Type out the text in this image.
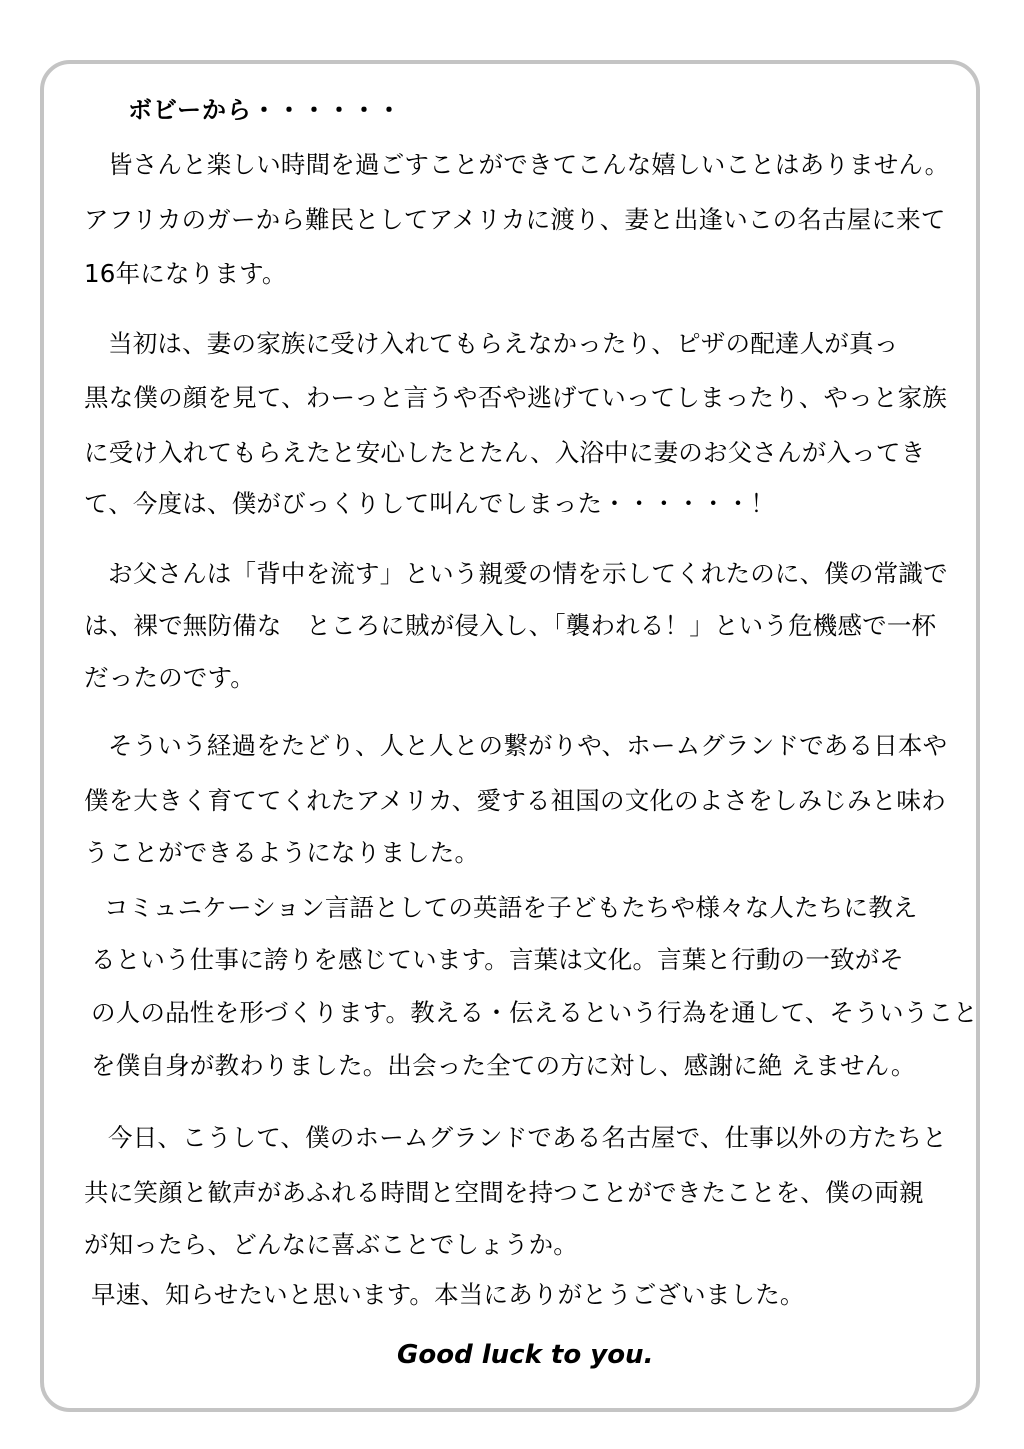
ボビーから・・・・・・
皆さんと楽しい時間を過ごすことができてこんな嬉しいことはありません。
アフリカのガーから難民としてアメリカに渡り、妻と出逢いこの名古屋に来て
16年になります。
当初は、妻の家族に受け入れてもらえなかったり、ピザの配達人が真っ
黒な僕の顔を見て、わーっと言うや否や逃げていってしまったり、やっと家族
に受け入れてもらえたと安心したとたん、入浴中に妻のお父さんが入ってき
て、今度は、僕がびっくりして叫んでしまった・・・・・・！
お父さんは「背中を流す」という親愛の情を示してくれたのに、僕の常識で
は、裸で無防備な　ところに賊が侵入し、「襲われる！」という危機感で一杯
だったのです。
そういう経過をたどり、人と人との繋がりや、ホームグランドである日本や
僕を大きく育ててくれたアメリカ、愛する祖国の文化のよさをしみじみと味わ
うことができるようになりました。
コミュニケーション言語としての英語を子どもたちや様々な人たちに教え
るという仕事に誇りを感じています。言葉は文化。言葉と行動の一致がそ
の人の品性を形づくります。教える・伝えるという行為を通して、そういうこと
を僕自身が教わりました。出会った全ての方に対し、感謝に絶 えません。
今日、こうして、僕のホームグランドである名古屋で、仕事以外の方たちと
共に笑顔と歓声があふれる時間と空間を持つことができたことを、僕の両親
が知ったら、どんなに喜ぶことでしょうか。
早速、知らせたいと思います。本当にありがとうございました。
Good luck to you.
